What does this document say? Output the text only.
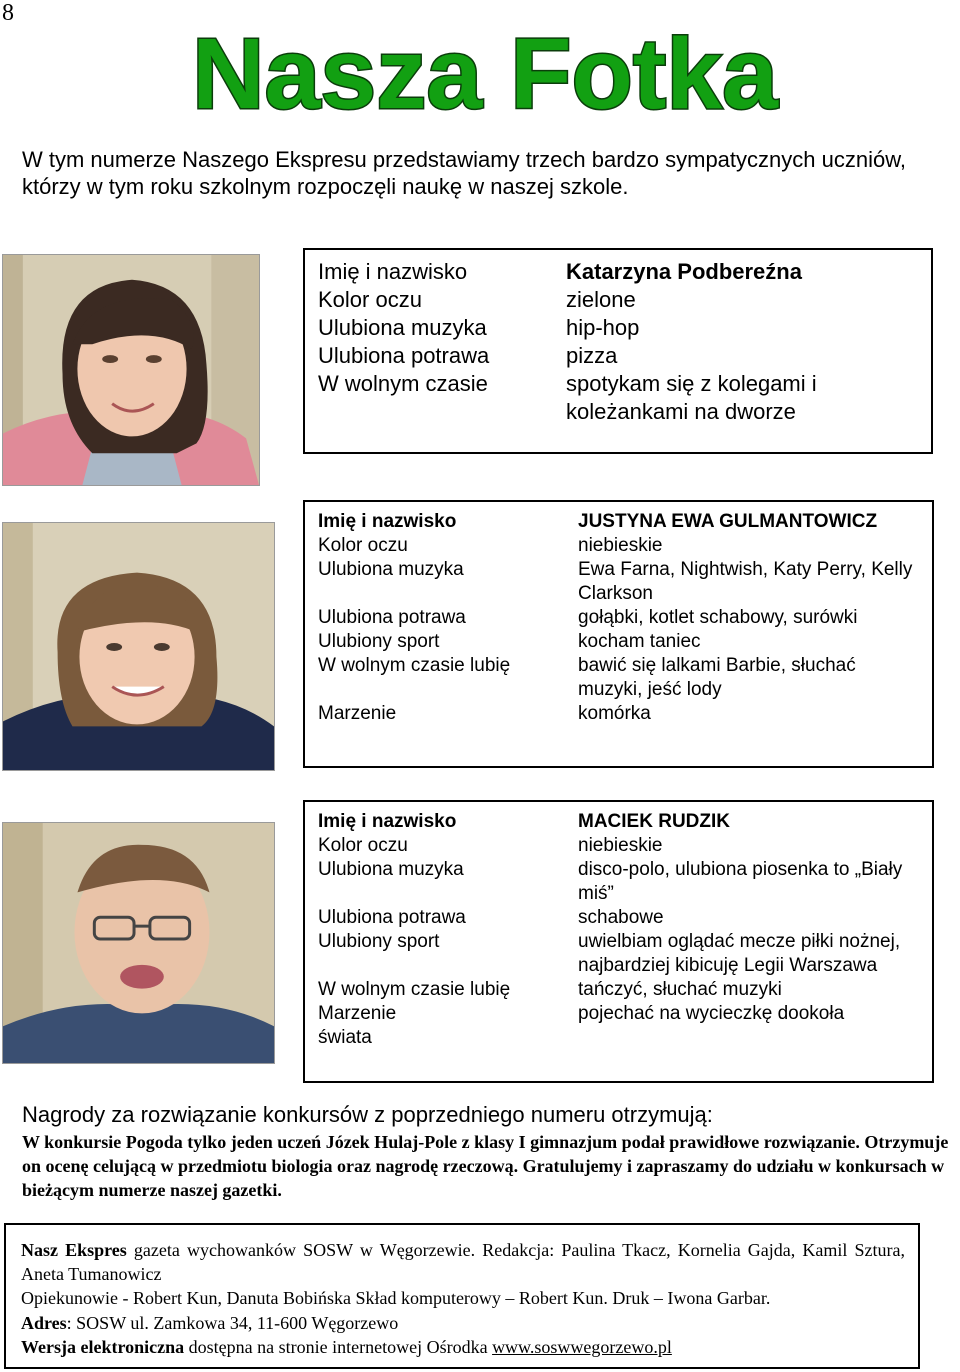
8
Nasza Fotka
W tym numerze Naszego Ekspresu przedstawiamy trzech bardzo sympatycznych uczniów, którzy w tym roku szkolnym rozpoczęli naukę w naszej szkole.
Imię i nazwisko	Katarzyna Podbereźna
Kolor oczu	zielone
Ulubiona muzyka	hip-hop
Ulubiona potrawa	pizza
W wolnym czasie	spotykam się z kolegami i koleżankami na dworze
Imię i nazwisko	JUSTYNA EWA GULMANTOWICZ
Kolor oczu	niebieskie
Ulubiona muzyka	Ewa Farna, Nightwish, Katy Perry, Kelly Clarkson
Ulubiona potrawa	gołąbki, kotlet schabowy, surówki
Ulubiony sport	kocham taniec
W wolnym czasie lubię	bawić się lalkami Barbie, słuchać muzyki, jeść lody
Marzenie	komórka
Imię i nazwisko	MACIEK RUDZIK
Kolor oczu	niebieskie
Ulubiona muzyka	disco-polo, ulubiona piosenka to „Biały miś”
Ulubiona potrawa	schabowe
Ulubiony sport	uwielbiam oglądać mecze piłki nożnej, najbardziej kibicuję Legii Warszawa
W wolnym czasie lubię	tańczyć, słuchać muzyki
Marzenie	pojechać na wycieczkę dookoła
świata	
Nagrody za rozwiązanie konkursów z poprzedniego numeru otrzymują:
W konkursie Pogoda tylko jeden uczeń Józek Hulaj-Pole z klasy I gimnazjum podał prawidłowe rozwiązanie. Otrzymuje on ocenę celującą w przedmiotu biologia oraz nagrodę rzeczową. Gratulujemy i zapraszamy do udziału w konkursach w bieżącym numerze naszej gazetki.
Nasz Ekspres gazeta wychowanków SOSW w Węgorzewie. Redakcja: Paulina Tkacz, Kornelia Gajda, Kamil Sztura, Aneta Tumanowicz
Opiekunowie - Robert Kun, Danuta Bobińska Skład komputerowy – Robert Kun. Druk – Iwona Garbar.
Adres: SOSW ul. Zamkowa 34, 11-600 Węgorzewo
Wersja elektroniczna dostępna na stronie internetowej Ośrodka www.soswwegorzewo.pl
